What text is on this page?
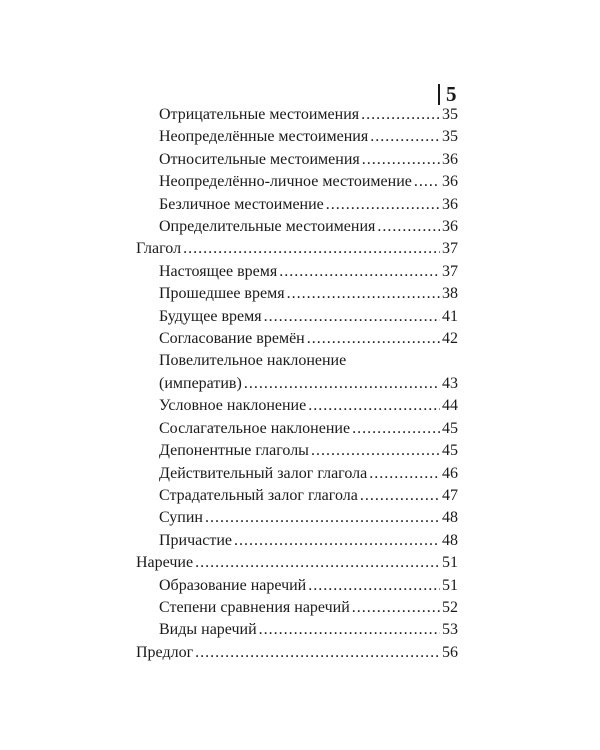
5
Отрицательные местоимения .....	35
Неопределённые местоимения .....	35
Относительные местоимения .....	36
Неопределённо-личное местоимение ..... 36
Безличное местоимение .....	36
Определительные местоимения .....	36
Глагол .....	37
Настоящее время .....	37
Прошедшее время .....	38
Будущее время .....	41
Согласование времён .....	42
Повелительное наклонение
(императив) .....	43
Условное наклонение .....	44
Сослагательное наклонение .....	45
Депонентные глаголы .....	45
Действительный залог глагола .....	46
Страдательный залог глагола .....	47
Супин .....	48
Причастие .....	48
Наречие .....	51
Образование наречий .....	51
Степени сравнения наречий .....	52
Виды наречий .....	53
Предлог .....	56
